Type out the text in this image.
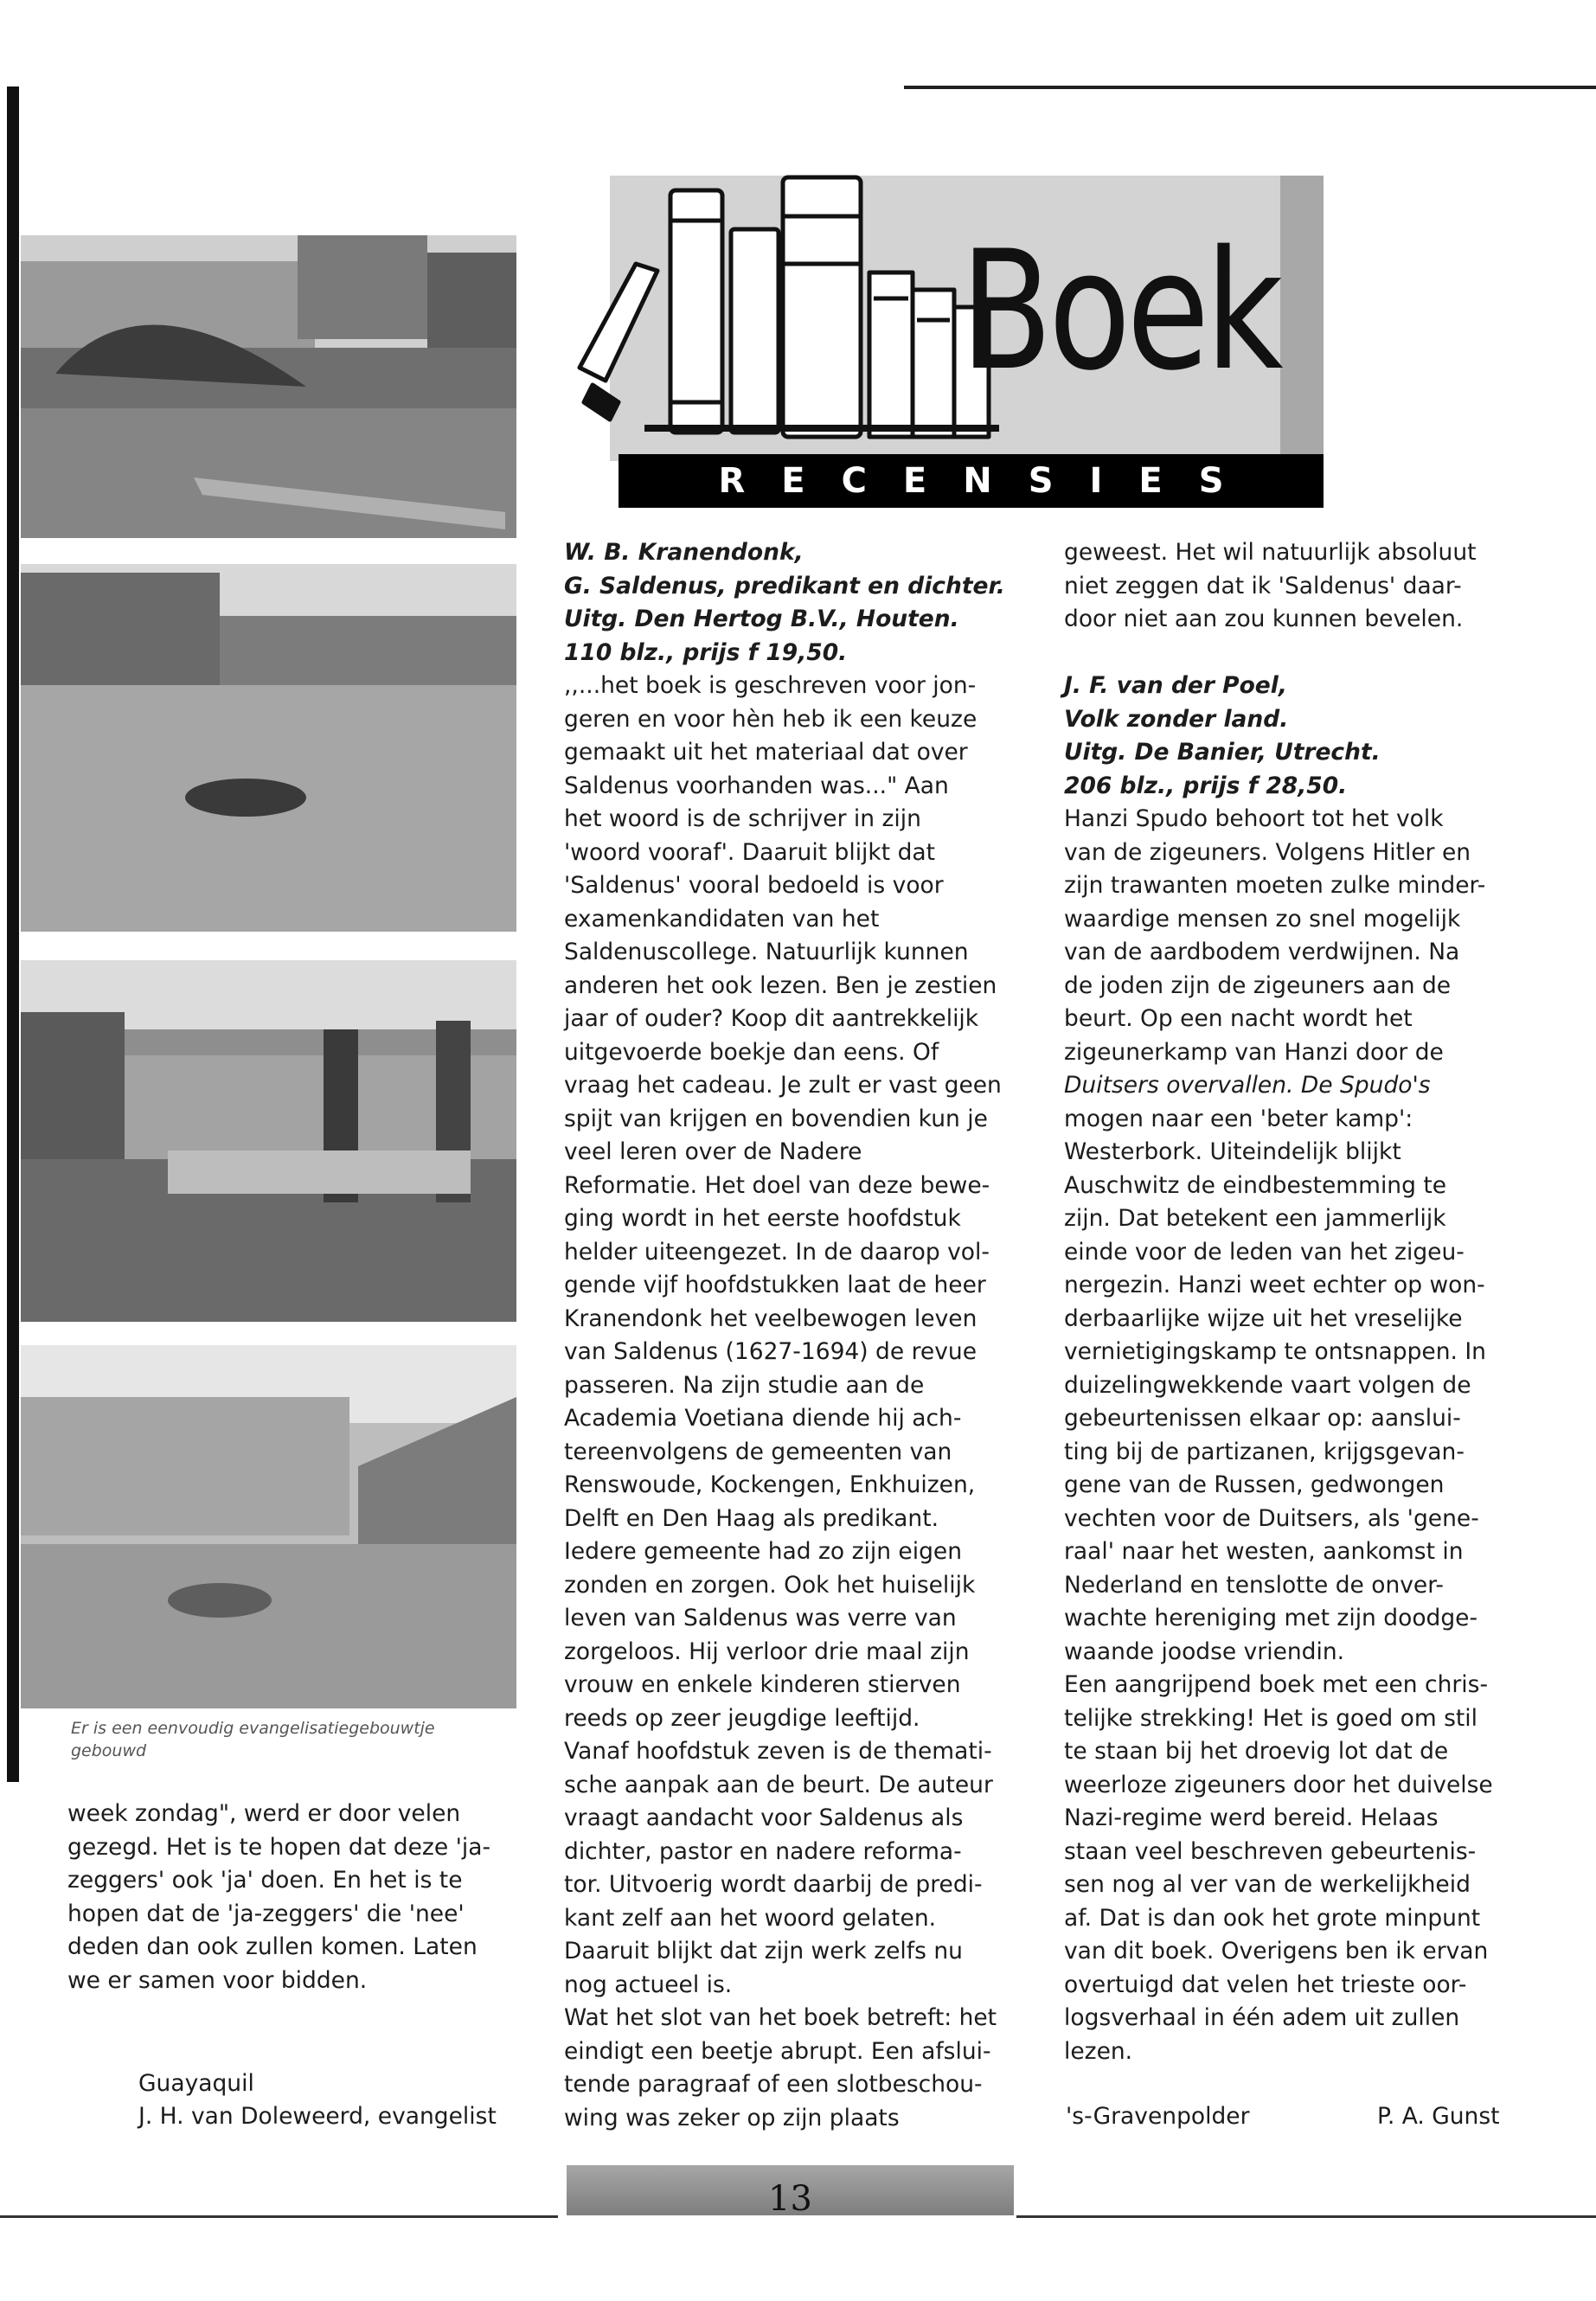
Er is een eenvoudig evangelisatiegebouwtje gebouwd

week zondag", werd er door velen

gezegd. Het is te hopen dat deze 'ja-

zeggers' ook 'ja' doen. En het is te

hopen dat de 'ja-zeggers' die 'nee'

deden dan ook zullen komen. Laten

we er samen voor bidden.

Guayaquil
J. H. van Doleweerd, evangelist
Boek
RECENSIES

W. B. Kranendonk,

G. Saldenus, predikant en dichter.

Uitg. Den Hertog B.V., Houten.

110 blz., prijs f 19,50.

,,...het boek is geschreven voor jon-

geren en voor hèn heb ik een keuze

gemaakt uit het materiaal dat over

Saldenus voorhanden was..." Aan

het woord is de schrijver in zijn

'woord vooraf'. Daaruit blijkt dat

'Saldenus' vooral bedoeld is voor

examenkandidaten van het

Saldenuscollege. Natuurlijk kunnen

anderen het ook lezen. Ben je zestien

jaar of ouder? Koop dit aantrekkelijk

uitgevoerde boekje dan eens. Of

vraag het cadeau. Je zult er vast geen

spijt van krijgen en bovendien kun je

veel leren over de Nadere

Reformatie. Het doel van deze bewe-

ging wordt in het eerste hoofdstuk

helder uiteengezet. In de daarop vol-

gende vijf hoofdstukken laat de heer

Kranendonk het veelbewogen leven

van Saldenus (1627-1694) de revue

passeren. Na zijn studie aan de

Academia Voetiana diende hij ach-

tereenvolgens de gemeenten van

Renswoude, Kockengen, Enkhuizen,

Delft en Den Haag als predikant.

Iedere gemeente had zo zijn eigen

zonden en zorgen. Ook het huiselijk

leven van Saldenus was verre van

zorgeloos. Hij verloor drie maal zijn

vrouw en enkele kinderen stierven

reeds op zeer jeugdige leeftijd.

Vanaf hoofdstuk zeven is de themati-

sche aanpak aan de beurt. De auteur

vraagt aandacht voor Saldenus als

dichter, pastor en nadere reforma-

tor. Uitvoerig wordt daarbij de predi-

kant zelf aan het woord gelaten.

Daaruit blijkt dat zijn werk zelfs nu

nog actueel is.

Wat het slot van het boek betreft: het

eindigt een beetje abrupt. Een afslui-

tende paragraaf of een slotbeschou-

wing was zeker op zijn plaats

geweest. Het wil natuurlijk absoluut

niet zeggen dat ik 'Saldenus' daar-

door niet aan zou kunnen bevelen.

J. F. van der Poel,

Volk zonder land.

Uitg. De Banier, Utrecht.

206 blz., prijs f 28,50.

Hanzi Spudo behoort tot het volk

van de zigeuners. Volgens Hitler en

zijn trawanten moeten zulke minder-

waardige mensen zo snel mogelijk

van de aardbodem verdwijnen. Na

de joden zijn de zigeuners aan de

beurt. Op een nacht wordt het

zigeunerkamp van Hanzi door de

Duitsers overvallen. De Spudo's

mogen naar een 'beter kamp':

Westerbork. Uiteindelijk blijkt

Auschwitz de eindbestemming te

zijn. Dat betekent een jammerlijk

einde voor de leden van het zigeu-

nergezin. Hanzi weet echter op won-

derbaarlijke wijze uit het vreselijke

vernietigingskamp te ontsnappen. In

duizelingwekkende vaart volgen de

gebeurtenissen elkaar op: aanslui-

ting bij de partizanen, krijgsgevan-

gene van de Russen, gedwongen

vechten voor de Duitsers, als 'gene-

raal' naar het westen, aankomst in

Nederland en tenslotte de onver-

wachte hereniging met zijn doodge-

waande joodse vriendin.

Een aangrijpend boek met een chris-

telijke strekking! Het is goed om stil

te staan bij het droevig lot dat de

weerloze zigeuners door het duivelse

Nazi-regime werd bereid. Helaas

staan veel beschreven gebeurtenis-

sen nog al ver van de werkelijkheid

af. Dat is dan ook het grote minpunt

van dit boek. Overigens ben ik ervan

overtuigd dat velen het trieste oor-

logsverhaal in één adem uit zullen

lezen.

's-Gravenpolder	P. A. Gunst
13
